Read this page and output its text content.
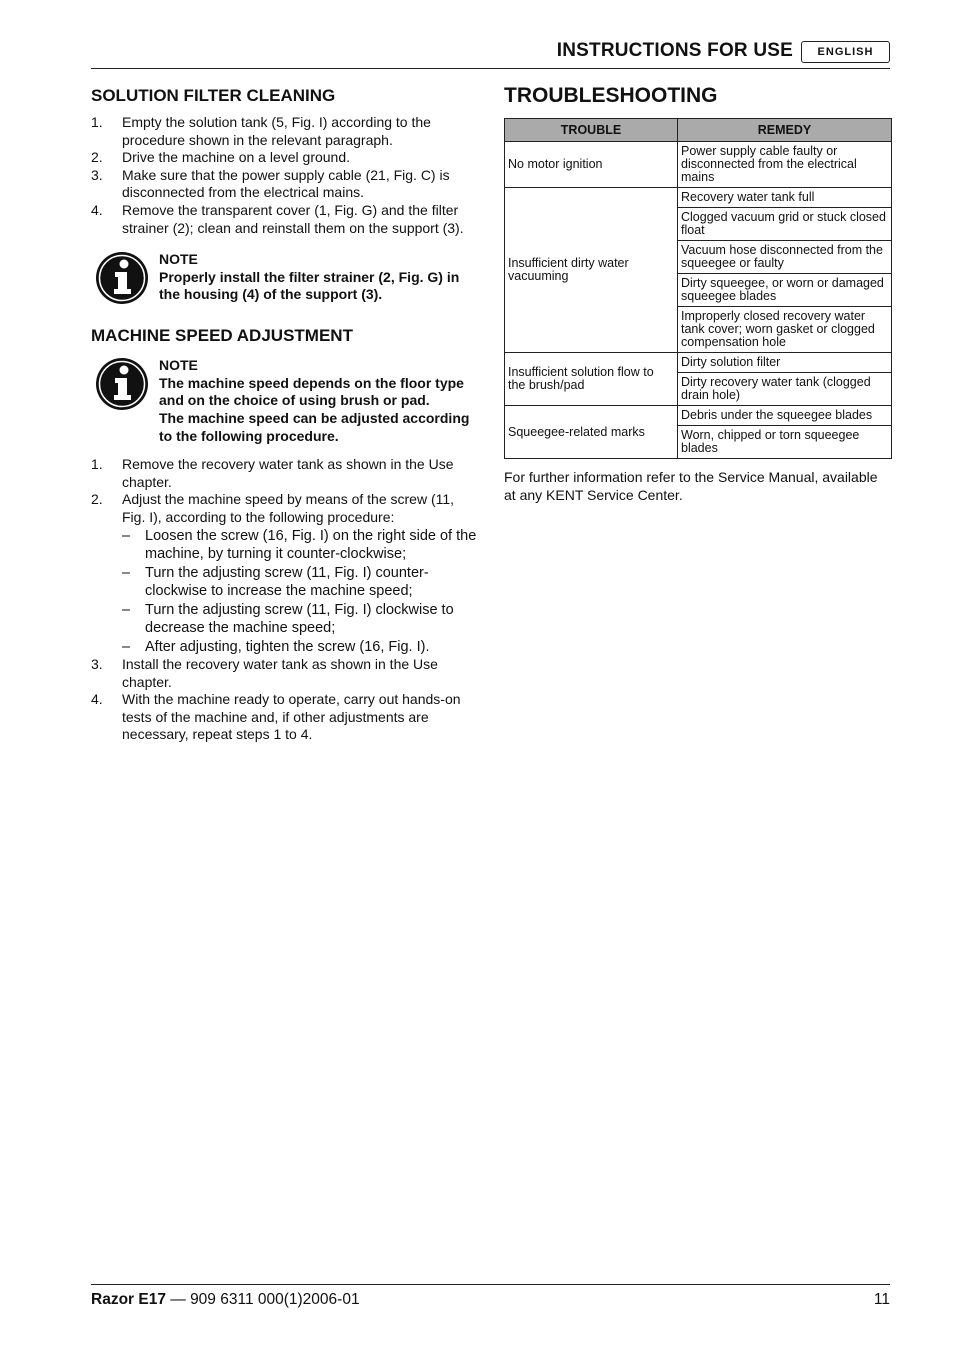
INSTRUCTIONS FOR USE	ENGLISH
SOLUTION FILTER CLEANING
1. Empty the solution tank (5, Fig. I) according to the procedure shown in the relevant paragraph.
2. Drive the machine on a level ground.
3. Make sure that the power supply cable (21, Fig. C) is disconnected from the electrical mains.
4. Remove the transparent cover (1, Fig. G) and the filter strainer (2); clean and reinstall them on the support (3).
NOTE
Properly install the filter strainer (2, Fig. G) in the housing (4) of the support (3).
MACHINE SPEED ADJUSTMENT
NOTE
The machine speed depends on the floor type and on the choice of using brush or pad.
The machine speed can be adjusted according to the following procedure.
1. Remove the recovery water tank as shown in the Use chapter.
2. Adjust the machine speed by means of the screw (11, Fig. I), according to the following procedure:
– Loosen the screw (16, Fig. I) on the right side of the machine, by turning it counter-clockwise;
– Turn the adjusting screw (11, Fig. I) counter-clockwise to increase the machine speed;
– Turn the adjusting screw (11, Fig. I) clockwise to decrease the machine speed;
– After adjusting, tighten the screw (16, Fig. I).
3. Install the recovery water tank as shown in the Use chapter.
4. With the machine ready to operate, carry out hands-on tests of the machine and, if other adjustments are necessary, repeat steps 1 to 4.
TROUBLESHOOTING
TROUBLE	REMEDY
No motor ignition	Power supply cable faulty or disconnected from the electrical mains
Insufficient dirty water vacuuming	Recovery water tank full
	Clogged vacuum grid or stuck closed float
	Vacuum hose disconnected from the squeegee or faulty
	Dirty squeegee, or worn or damaged squeegee blades
	Improperly closed recovery water tank cover; worn gasket or clogged compensation hole
Insufficient solution flow to the brush/pad	Dirty solution filter
	Dirty recovery water tank (clogged drain hole)
Squeegee-related marks	Debris under the squeegee blades
	Worn, chipped or torn squeegee blades
For further information refer to the Service Manual, available at any KENT Service Center.
Razor E17 — 909 6311 000(1)2006-01	11
